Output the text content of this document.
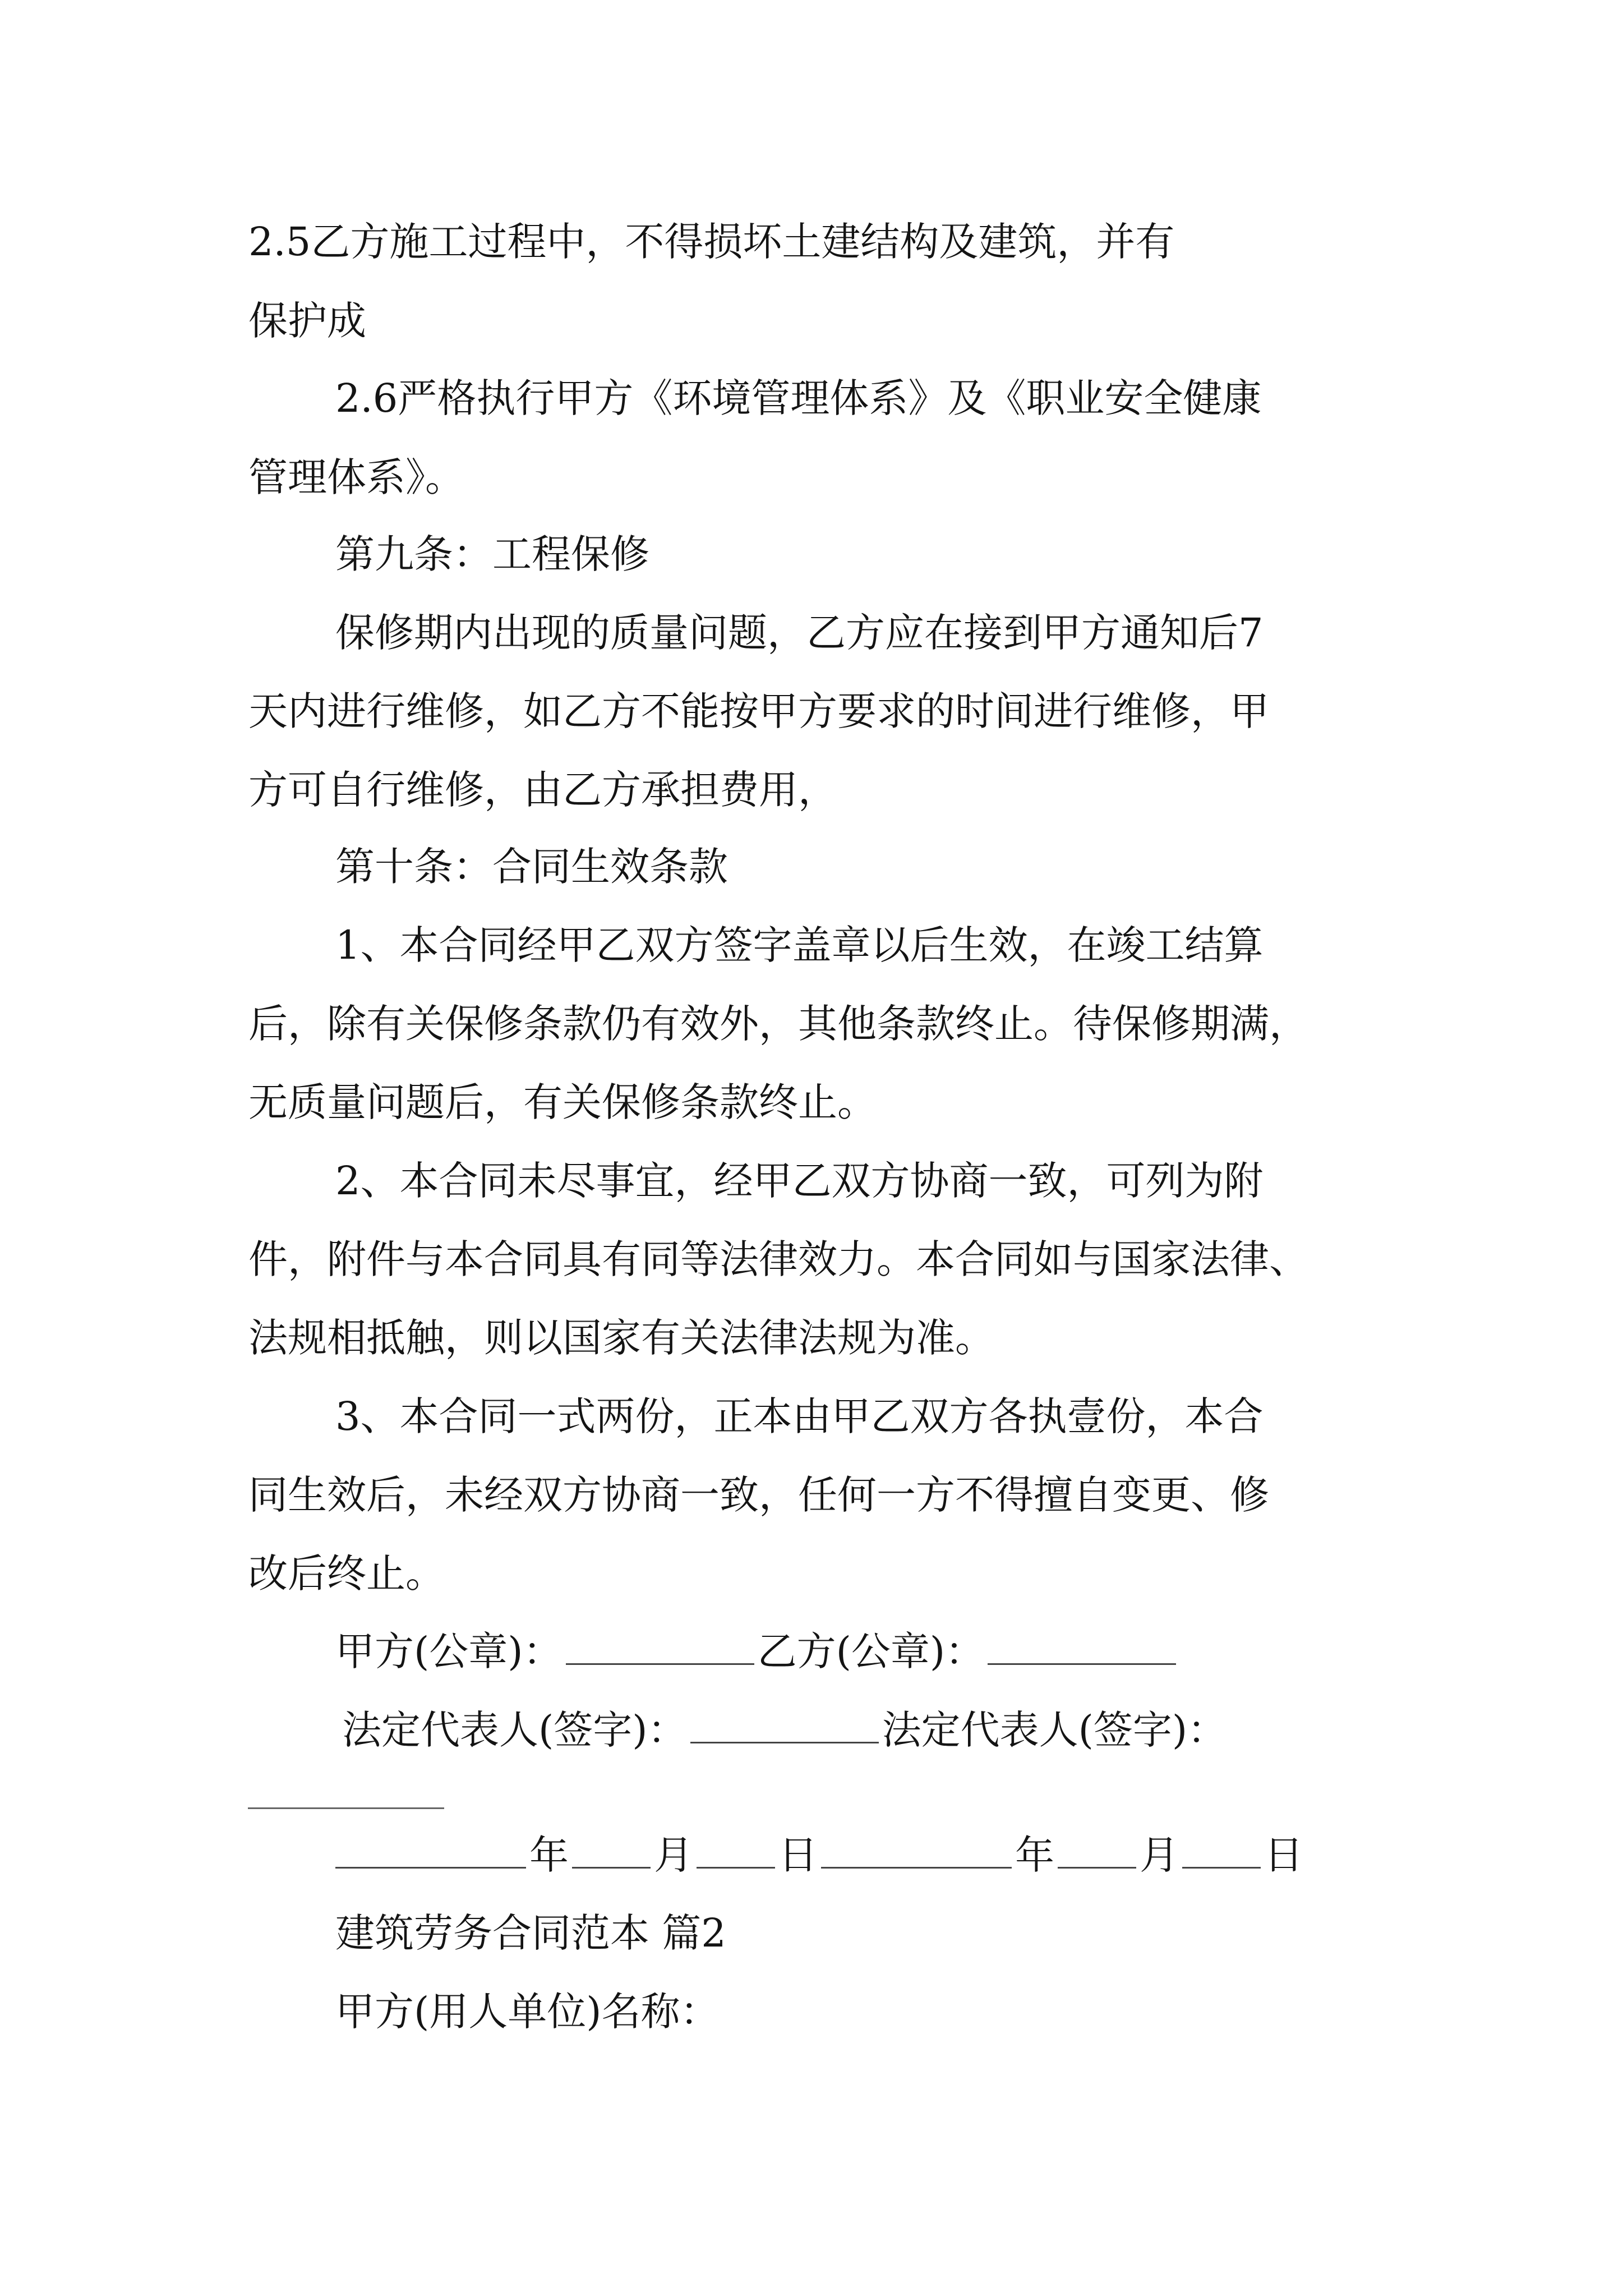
2.5乙方施工过程中，不得损坏土建结构及建筑，并有
保护成
2.6严格执行甲方《环境管理体系》及《职业安全健康
管理体系》。
第九条：工程保修
保修期内出现的质量问题，乙方应在接到甲方通知后7
天内进行维修，如乙方不能按甲方要求的时间进行维修，甲
方可自行维修，由乙方承担费用，
第十条：合同生效条款
1、本合同经甲乙双方签字盖章以后生效，在竣工结算
后，除有关保修条款仍有效外，其他条款终止。待保修期满，
无质量问题后，有关保修条款终止。
2、本合同未尽事宜，经甲乙双方协商一致，可列为附
件，附件与本合同具有同等法律效力。本合同如与国家法律、
法规相抵触，则以国家有关法律法规为准。
3、本合同一式两份，正本由甲乙双方各执壹份，本合
同生效后，未经双方协商一致，任何一方不得擅自变更、修
改后终止。
甲方(公章)：	乙方(公章)：
法定代表人(签字)：	法定代表人(签字)：
年 月 日	年 月 日
建筑劳务合同范本 篇2
甲方(用人单位)名称：
